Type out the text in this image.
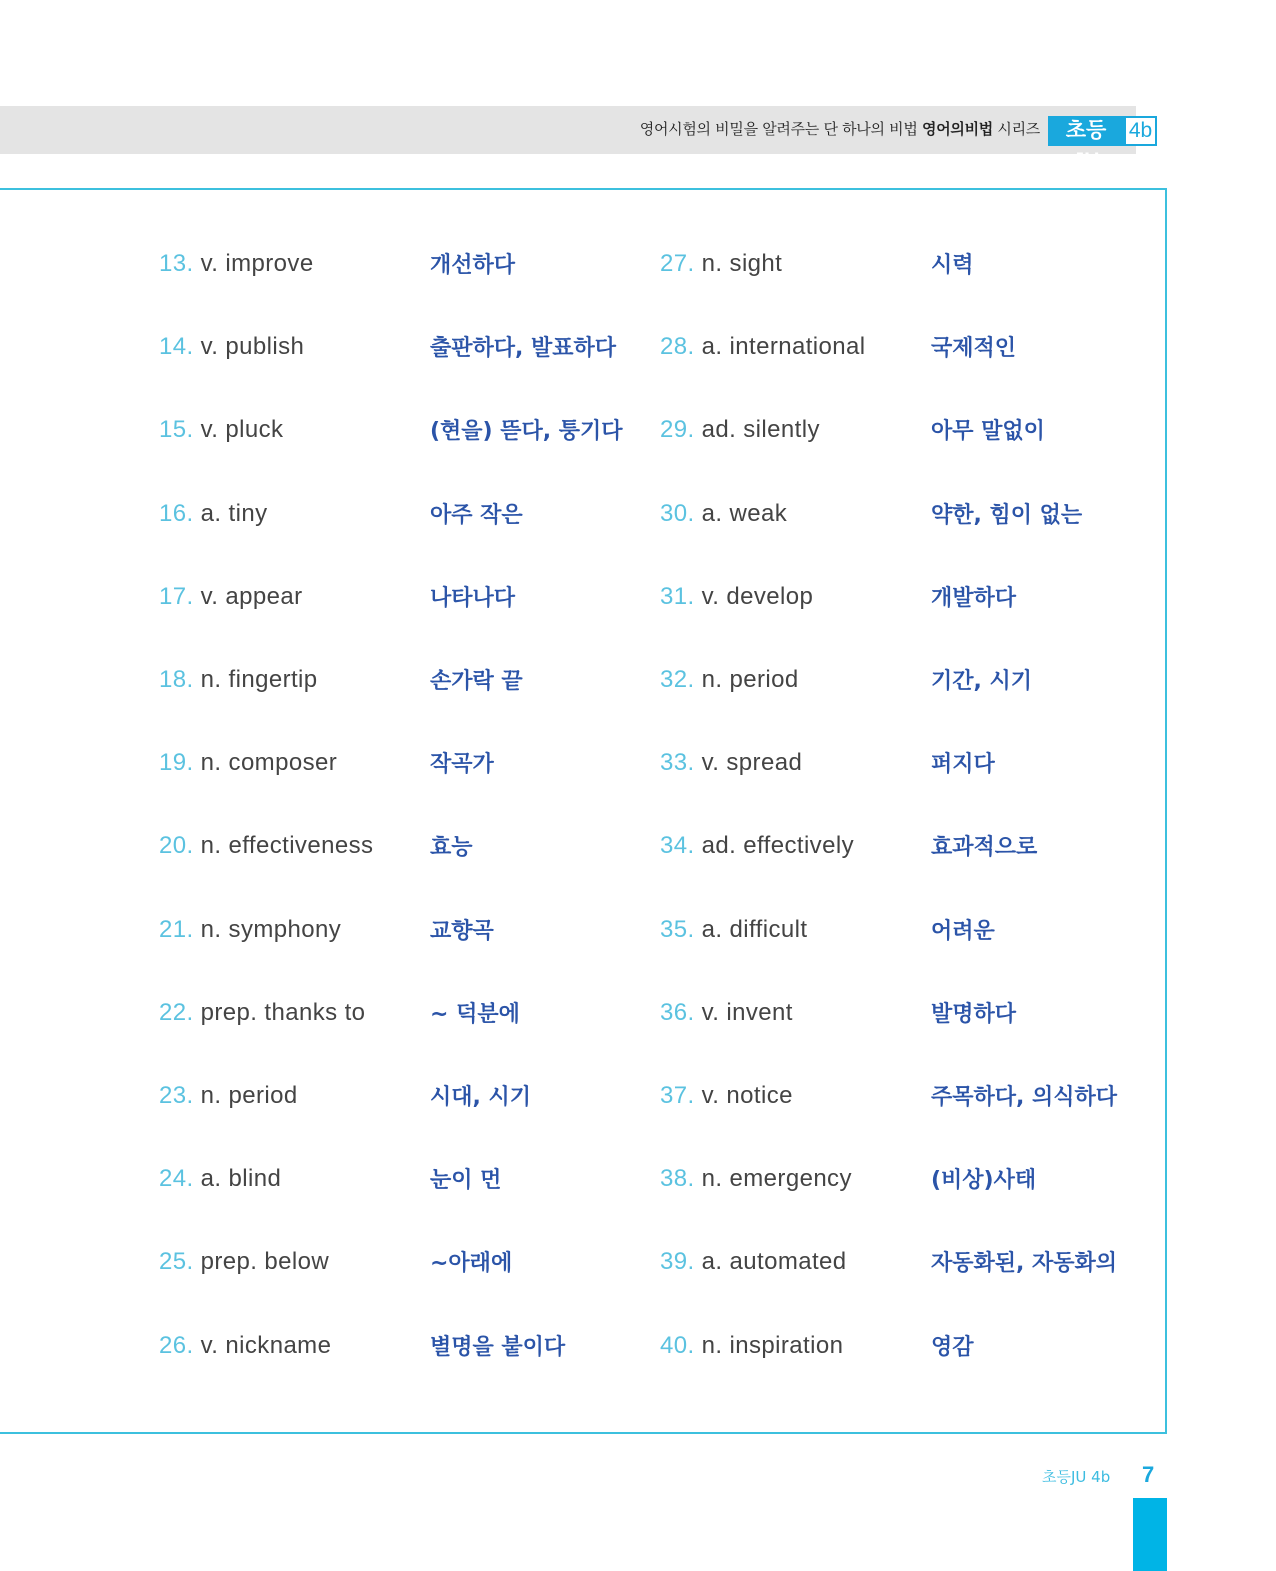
영어시험의 비밀을 알려주는 단 하나의 비법 영어의비법 시리즈	초등JU
4b
13. v. improve	개선하다
14. v. publish	출판하다, 발표하다
15. v. pluck	(현을) 뜯다, 퉁기다
16. a. tiny	아주 작은
17. v. appear	나타나다
18. n. fingertip	손가락 끝
19. n. composer	작곡가
20. n. effectiveness	효능
21. n. symphony	교향곡
22. prep. thanks to	~ 덕분에
23. n. period	시대, 시기
24. a. blind	눈이 먼
25. prep. below	~아래에
26. v. nickname	별명을 붙이다
27. n. sight	시력
28. a. international	국제적인
29. ad. silently	아무 말없이
30. a. weak	약한, 힘이 없는
31. v. develop	개발하다
32. n. period	기간, 시기
33. v. spread	퍼지다
34. ad. effectively	효과적으로
35. a. difficult	어려운
36. v. invent	발명하다
37. v. notice	주목하다, 의식하다
38. n. emergency	(비상)사태
39. a. automated	자동화된, 자동화의
40. n. inspiration	영감
초등JU 4b 7
